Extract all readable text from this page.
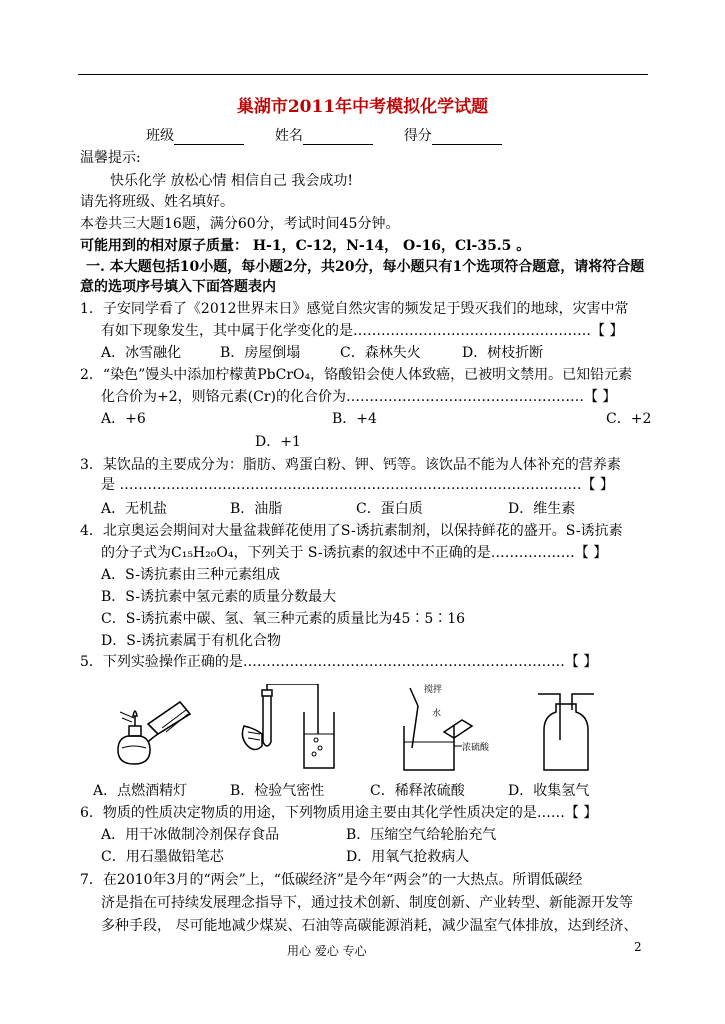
巢湖市2011年中考模拟化学试题
班级	姓名	得分
温馨提示:
快乐化学 放松心情 相信自己 我会成功!
请先将班级、姓名填好。
本卷共三大题16题，满分60分，考试时间45分钟。
可能用到的相对原子质量： H-1，C-12，N-14， O-16，Cl-35.5 。
一. 本大题包括10小题，每小题2分，共20分，每小题只有1个选项符合题意，请将符合题
意的选项序号填入下面答题表内
1．子安同学看了《2012世界末日》感觉自然灾害的频发足于毁灭我们的地球，灾害中常
有如下现象发生，其中属于化学变化的是……………………………………………【 】
A．冰雪融化	B．房屋倒塌	C．森林失火	D．树枝折断
2．“染色”馒头中添加柠檬黄PbCrO₄，铬酸铅会使人体致癌，已被明文禁用。已知铅元素
化合价为+2，则铬元素(Cr)的化合价为……………………………………………【 】
A．+6	B．+4	C．+2
D．+1
3．某饮品的主要成分为：脂肪、鸡蛋白粉、钾、钙等。该饮品不能为人体补充的营养素
是 ………………………………………………………………………………………【 】
A．无机盐	B．油脂	C．蛋白质	D．维生素
4．北京奥运会期间对大量盆栽鲜花使用了S-诱抗素制剂，以保持鲜花的盛开。S-诱抗素
的分子式为C₁₅H₂₀O₄，下列关于 S-诱抗素的叙述中不正确的是………………【 】
A．S-诱抗素由三种元素组成
B．S-诱抗素中氢元素的质量分数最大
C．S-诱抗素中碳、氢、氧三种元素的质量比为45∶5∶16
D．S-诱抗素属于有机化合物
5．下列实验操作正确的是……………………………………………………………【 】
搅拌
水
浓硫酸
A．点燃酒精灯	B．检验气密性	C．稀释浓硫酸	D．收集氢气
6．物质的性质决定物质的用途，下列物质用途主要由其化学性质决定的是……【 】
A．用干冰做制冷剂保存食品	B．压缩空气给轮胎充气
C．用石墨做铅笔芯	D．用氧气抢救病人
7．在2010年3月的“两会”上，“低碳经济”是今年“两会”的一大热点。所谓低碳经
济是指在可持续发展理念指导下，通过技术创新、制度创新、产业转型、新能源开发等
多种手段， 尽可能地减少煤炭、石油等高碳能源消耗，减少温室气体排放，达到经济、
用心 爱心 专心	2
